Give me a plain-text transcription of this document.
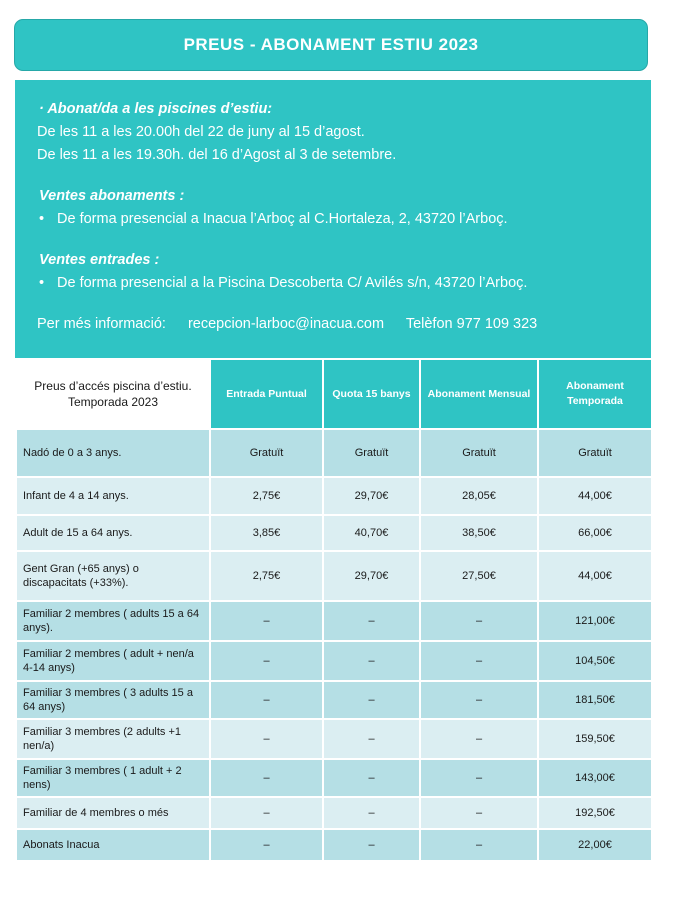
PREUS - ABONAMENT ESTIU 2023
· Abonat/da a les piscines d’estiu:
De les 11 a les 20.00h del 22 de juny al 15 d’agost.
De les 11 a les 19.30h. del 16 d’Agost al 3 de setembre.
Ventes abonaments :
• De forma presencial a Inacua l’Arboç al C.Hortaleza, 2, 43720 l’Arboç.
Ventes entrades :
• De forma presencial a la Piscina Descoberta C/ Avilés s/n, 43720 l’Arboç.
Per més informació: recepcion-larboc@inacua.com Telèfon 977 109 323
Preus d’accés piscina d’estiu.
Temporada 2023	Entrada Puntual	Quota 15 banys	Abonament Mensual	Abonament Temporada
Nadó de 0 a 3 anys.	Gratuït	Gratuït	Gratuït	Gratuït
Infant de 4 a 14 anys.	2,75€	29,70€	28,05€	44,00€
Adult de 15 a 64 anys.	3,85€	40,70€	38,50€	66,00€
Gent Gran (+65 anys) o discapacitats (+33%).	2,75€	29,70€	27,50€	44,00€
Familiar 2 membres ( adults 15 a 64 anys).	–	–	–	121,00€
Familiar 2 membres ( adult + nen/a 4-14 anys)	–	–	–	104,50€
Familiar 3 membres ( 3 adults 15 a 64 anys)	–	–	–	181,50€
Familiar 3 membres (2 adults +1 nen/a)	–	–	–	159,50€
Familiar 3 membres ( 1 adult + 2 nens)	–	–	–	143,00€
Familiar de 4 membres o més	–	–	–	192,50€
Abonats Inacua	–	–	–	22,00€
